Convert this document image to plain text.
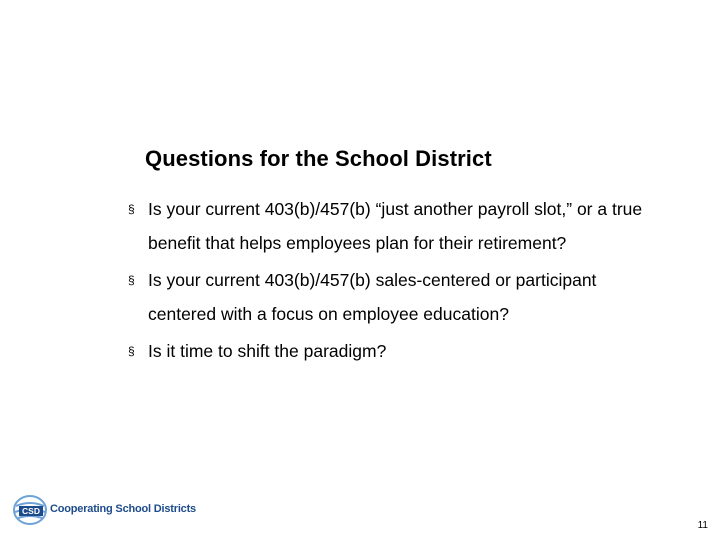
Questions for the School District
§ Is your current 403(b)/457(b) “just another payroll slot,” or a true benefit that helps employees plan for their retirement?
§ Is your current 403(b)/457(b) sales-centered or participant centered with a focus on employee education?
§ Is it time to shift the paradigm?
CSD Cooperating School Districts
11
